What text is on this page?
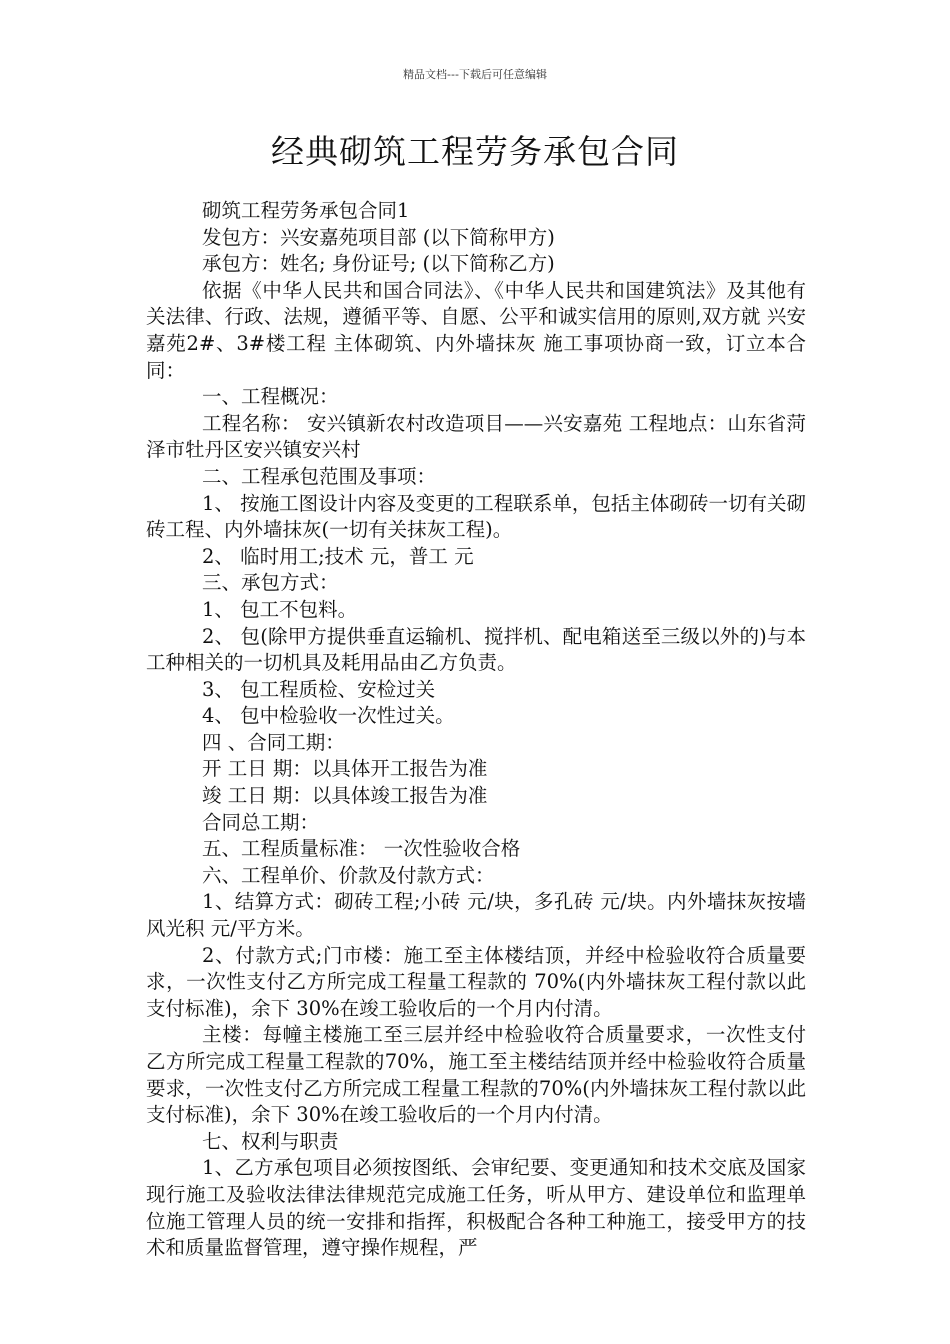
精品文档---下载后可任意编辑
经典砌筑工程劳务承包合同

砌筑工程劳务承包合同1

发包方：兴安嘉苑项目部 (以下简称甲方)

承包方：姓名; 身份证号; (以下简称乙方)

依据《中华人民共和国合同法》、《中华人民共和国建筑法》及其他有关法律、行政、法规，遵循平等、自愿、公平和诚实信用的原则,双方就 兴安嘉苑2#、3#楼工程 主体砌筑、内外墙抹灰 施工事项协商一致，订立本合同：

一、工程概况：

工程名称： 安兴镇新农村改造项目——兴安嘉苑 工程地点：山东省菏泽市牡丹区安兴镇安兴村

二、工程承包范围及事项：

1、 按施工图设计内容及变更的工程联系单，包括主体砌砖一切有关砌砖工程、内外墙抹灰(一切有关抹灰工程)。

2、 临时用工;技术 元，普工 元

三、承包方式：

1、 包工不包料。

2、 包(除甲方提供垂直运输机、搅拌机、配电箱送至三级以外的)与本工种相关的一切机具及耗用品由乙方负责。

3、 包工程质检、安检过关

4、 包中检验收一次性过关。

四 、合同工期：

开 工日 期：以具体开工报告为准

竣 工日 期：以具体竣工报告为准

合同总工期：

五、工程质量标准： 一次性验收合格

六、工程单价、价款及付款方式：

1、结算方式：砌砖工程;小砖 元/块，多孔砖 元/块。内外墙抹灰按墙风光积 元/平方米。

2、付款方式;门市楼：施工至主体楼结顶，并经中检验收符合质量要求，一次性支付乙方所完成工程量工程款的 70%(内外墙抹灰工程付款以此支付标准)，余下 30%在竣工验收后的一个月内付清。

主楼：每幢主楼施工至三层并经中检验收符合质量要求，一次性支付乙方所完成工程量工程款的70%，施工至主楼结结顶并经中检验收符合质量要求，一次性支付乙方所完成工程量工程款的70%(内外墙抹灰工程付款以此支付标准)，余下 30%在竣工验收后的一个月内付清。

七、权利与职责

1、乙方承包项目必须按图纸、会审纪要、变更通知和技术交底及国家现行施工及验收法律法律规范完成施工任务，听从甲方、建设单位和监理单位施工管理人员的统一安排和指挥，积极配合各种工种施工，接受甲方的技术和质量监督管理，遵守操作规程，严
